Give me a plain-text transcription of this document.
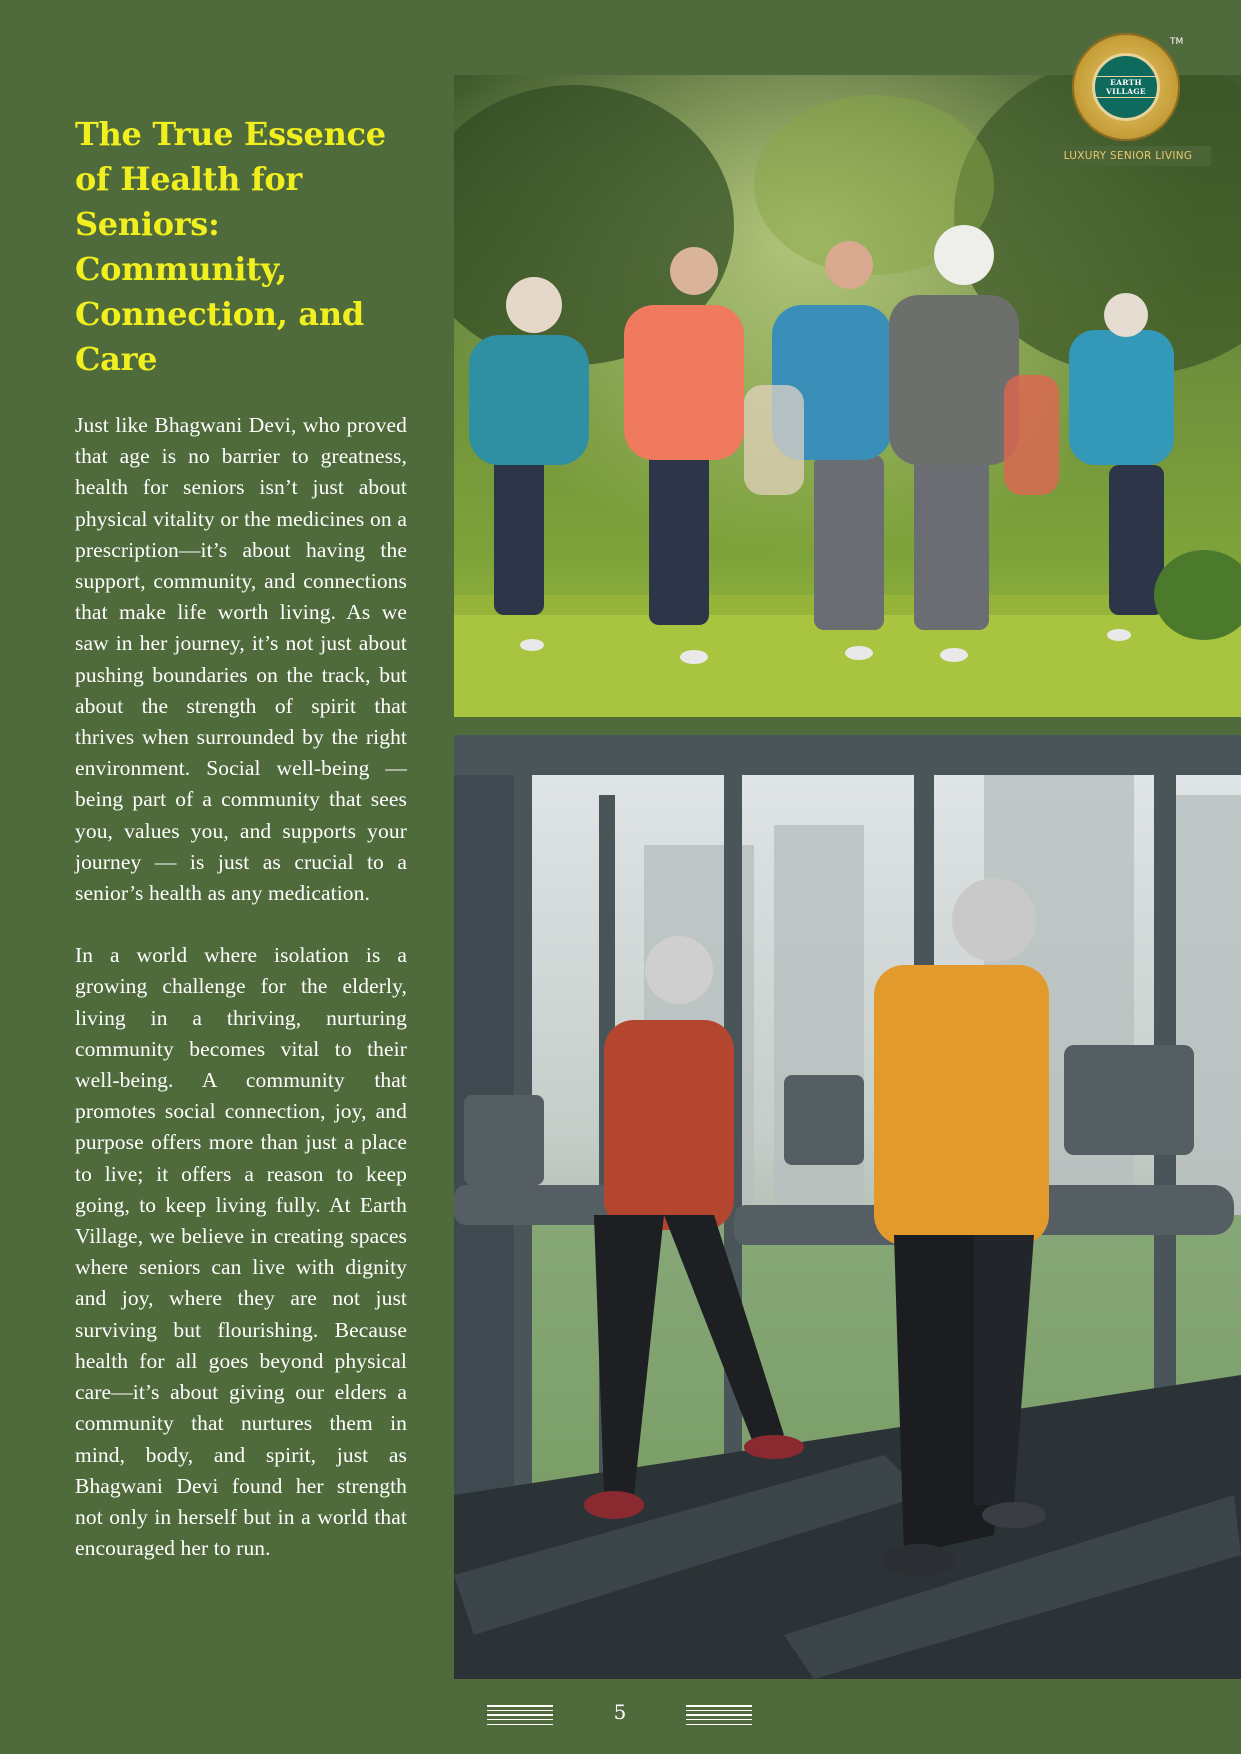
The True Essence of Health for Seniors: Community, Connection, and Care

Just like Bhagwani Devi, who proved that age is no barrier to greatness, health for seniors isn’t just about physical vitality or the medicines on a prescription—it’s about having the support, community, and connections that make life worth living. As we saw in her journey, it’s not just about pushing boundaries on the track, but about the strength of spirit that thrives when surrounded by the right environment. Social well-being — being part of a community that sees you, values you, and supports your journey — is just as crucial to a senior’s health as any medication.

In a world where isolation is a growing challenge for the elderly, living in a thriving, nurturing community becomes vital to their well-being. A community that promotes social connection, joy, and purpose offers more than just a place to live; it offers a reason to keep going, to keep living fully. At Earth Village, we believe in creating spaces where seniors can live with dignity and joy, where they are not just surviving but flourishing. Because health for all goes beyond physical care—it’s about giving our elders a community that nurtures them in mind, body, and spirit, just as Bhagwani Devi found her strength not only in herself but in a world that encouraged her to run.

EARTH VILLAGE
TM
LUXURY SENIOR LIVING
5
